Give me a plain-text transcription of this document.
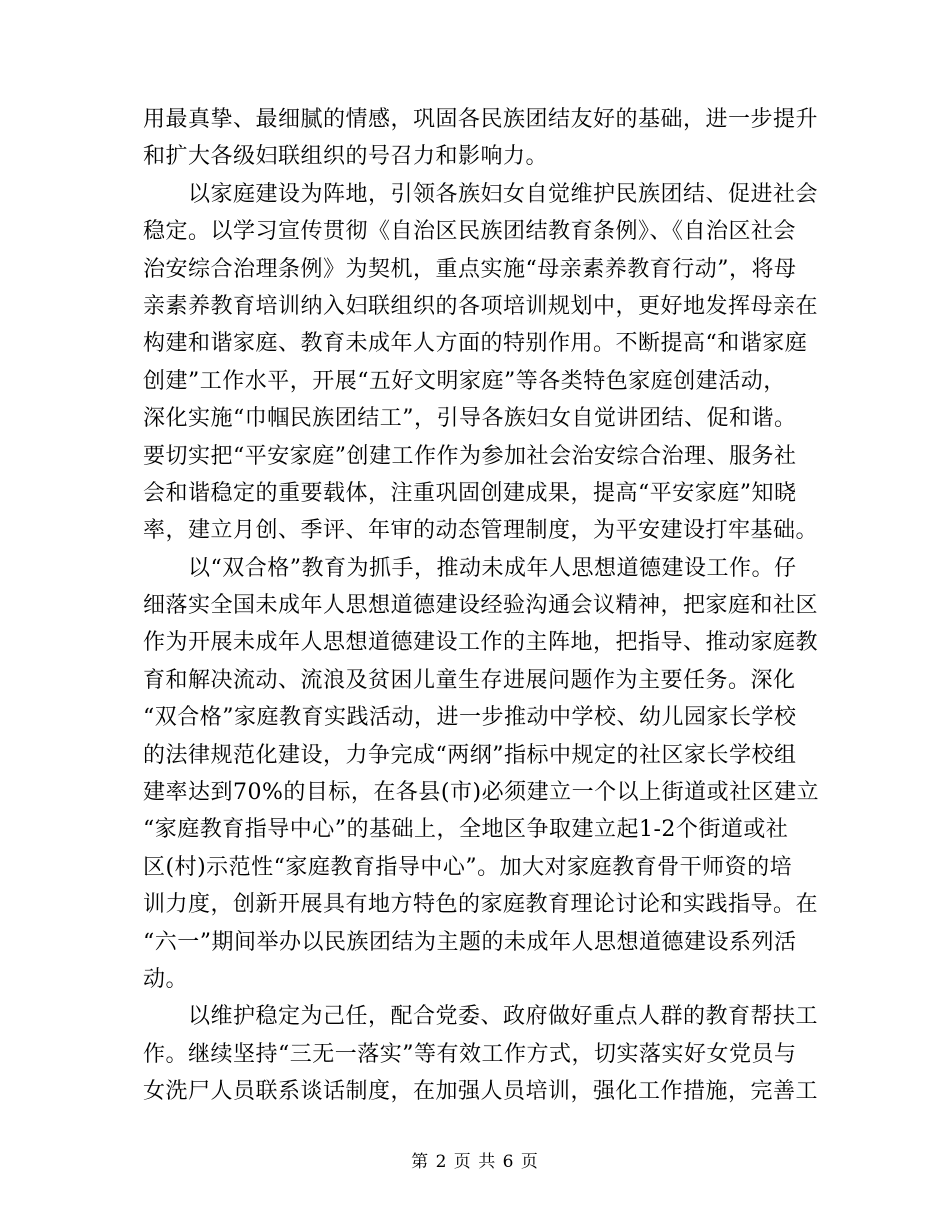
用最真挚、最细腻的情感，巩固各民族团结友好的基础，进一步提升
和扩大各级妇联组织的号召力和影响力。
　　以家庭建设为阵地，引领各族妇女自觉维护民族团结、促进社会
稳定。以学习宣传贯彻《自治区民族团结教育条例》、《自治区社会
治安综合治理条例》为契机，重点实施“母亲素养教育行动”，将母
亲素养教育培训纳入妇联组织的各项培训规划中，更好地发挥母亲在
构建和谐家庭、教育未成年人方面的特别作用。不断提高“和谐家庭
创建”工作水平，开展“五好文明家庭”等各类特色家庭创建活动，
深化实施“巾帼民族团结工”，引导各族妇女自觉讲团结、促和谐。
要切实把“平安家庭”创建工作作为参加社会治安综合治理、服务社
会和谐稳定的重要载体，注重巩固创建成果，提高“平安家庭”知晓
率，建立月创、季评、年审的动态管理制度，为平安建设打牢基础。
　　以“双合格”教育为抓手，推动未成年人思想道德建设工作。仔
细落实全国未成年人思想道德建设经验沟通会议精神，把家庭和社区
作为开展未成年人思想道德建设工作的主阵地，把指导、推动家庭教
育和解决流动、流浪及贫困儿童生存进展问题作为主要任务。深化
“双合格”家庭教育实践活动，进一步推动中学校、幼儿园家长学校
的法律规范化建设，力争完成“两纲”指标中规定的社区家长学校组
建率达到70%的目标，在各县(市)必须建立一个以上街道或社区建立
“家庭教育指导中心”的基础上，全地区争取建立起1-2个街道或社
区(村)示范性“家庭教育指导中心”。加大对家庭教育骨干师资的培
训力度，创新开展具有地方特色的家庭教育理论讨论和实践指导。在
“六一”期间举办以民族团结为主题的未成年人思想道德建设系列活
动。
　　以维护稳定为己任，配合党委、政府做好重点人群的教育帮扶工
作。继续坚持“三无一落实”等有效工作方式，切实落实好女党员与
女洗尸人员联系谈话制度，在加强人员培训，强化工作措施，完善工
第 2 页 共 6 页
